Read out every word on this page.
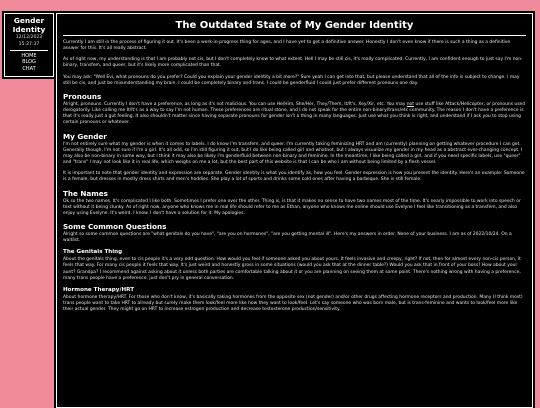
Gender
Identity
12/12/2023
15:27:37
HOME
BLOG
CHAT
The Outdated State of My Gender Identity

Currently I am still in the process of figuring it out. It's been a work-in-progress thing for ages, and I have yet to get a definitive answer. Honestly I don't even know if there is such a thing as a definitive answer for this. It's all really abstract.

As of right now, my understanding is that I am probably not cis, but I don't completely know to what extent. Hell I may be still cis, it's really complicated. Currently, I am confident enough to just say I'm non-binary, transfem, and queer, but it's likely more complicated than that.

You may ask: "Well Evi, what pronouns do you prefer? Could you explain your gender identity a bit more?" Sure yeah I can get into that, but please understand that all of the info is subject to change. I may still be cis, and just be misunderstanding my brain. I could be completely binary and trans. I could be genderfluid I could just prefer different pronouns one day.

Pronouns

Alright, pronouns. Currently I don't have a preference, as long as it's not malicious. You can use He/Him, She/Her, They/Them, It/It's, Xey/Xir, etc. You may not use stuff like Attack/Helicopter, or pronouns used derogatorily. Like calling me It/It's as a way to say I'm not human. These preferences are ritual stone, and I do not speak for the entire non-binary/trans/etc community. The reason I don't have a preference is that it's really just a gut feeling. It also shouldn't matter since having separate pronouns for gender isn't a thing in many languages. Just use what you think is right, and understand if I ask you to stop using certain pronouns or whatever.

My Gender

I'm not entirely sure what my gender is when it comes to labels. I do know I'm transfem, and queer. I'm currently taking feminizing HRT and am (currently) planning on getting whatever procedure I can get. Generally though, I'm not sure if I'm a girl. It's all odd, so I'm still figuring it out, but I do like being called girl and whatnot, but I always visualize my gender in my head as a abstract ever-changing concept. I may also be non-binary in some way, but I think it may also be likely I'm genderfluid between non-binary and feminine. In the meantime, I like being called a girl, and if you need specific labels, use "queer" and "trans" I may not look like it in real life, which weighs on me a lot, but the best part of this website is that I can be who I am without being limited by a flesh vessel.

It is important to note that gender identity and expression are separate. Gender identity is what you identify as, how you feel. Gender expression is how you present the identity. Here's an example: Someone is a female, but dresses in mostly dress shirts and men's hoddies. She play a lot of sports and drinks some cold ones after having a barbeque. She is still female.

The Names

Ok so the two names. It's complicated I like both. Sometimes I prefer one over the other. Thing is, is that it makes no sense to have two names most of the time. It's nearly impossible to work into speech or text without it being clunky. As of right now, anyone who knows me in real life should refer to me as Ethan, anyone who knows me online should use Evelyne I feel like transitioning as a transfem, and also enjoy using Evelyne. It's weird, I know. I don't have a solution for it. My apologies.

Some Common Questions

Alright so some common questions are "what genitals do you have", "are you on hormones", "are you getting mental ill". Here's my answers in order. None of your business. I am as of 2022/10/24. On a waitlist.

The Genitals Thing

About the genitals thing, even to cis people it's a very odd question. How would you feel if someone asked you about yours. It feels invasive and creepy, right? If not, then for almost every non-cis person, it feels that way. For many cis people it feels that way. It's just weird and honestly gross in some situations (would you ask that at the dinner table?) Would you ask that in front of your boss? How about your aunt? Grandpa? I recommend against asking about it unless both parties are comfortable talking about it or you are planning on seeing them at some point. There's nothing wrong with having a preference, many trans people have a preference. just don't pry in general conversation.

Hormone Therapy/HRT

About hormone therapy/HRT. For those who don't know, it's basically taking hormones from the opposite sex (not gender) and/or other drugs affecting hormone receptors and production. Many (I think most) trans people want to take HRT to already but surely make them look/feel more like how they want to look/feel. Let's say someone who was born male, but is trans-feminine and wants to look/feel more like their actual gender. They might go on HRT to increase estrogen production and decrease testosterone production/sensitivity.
